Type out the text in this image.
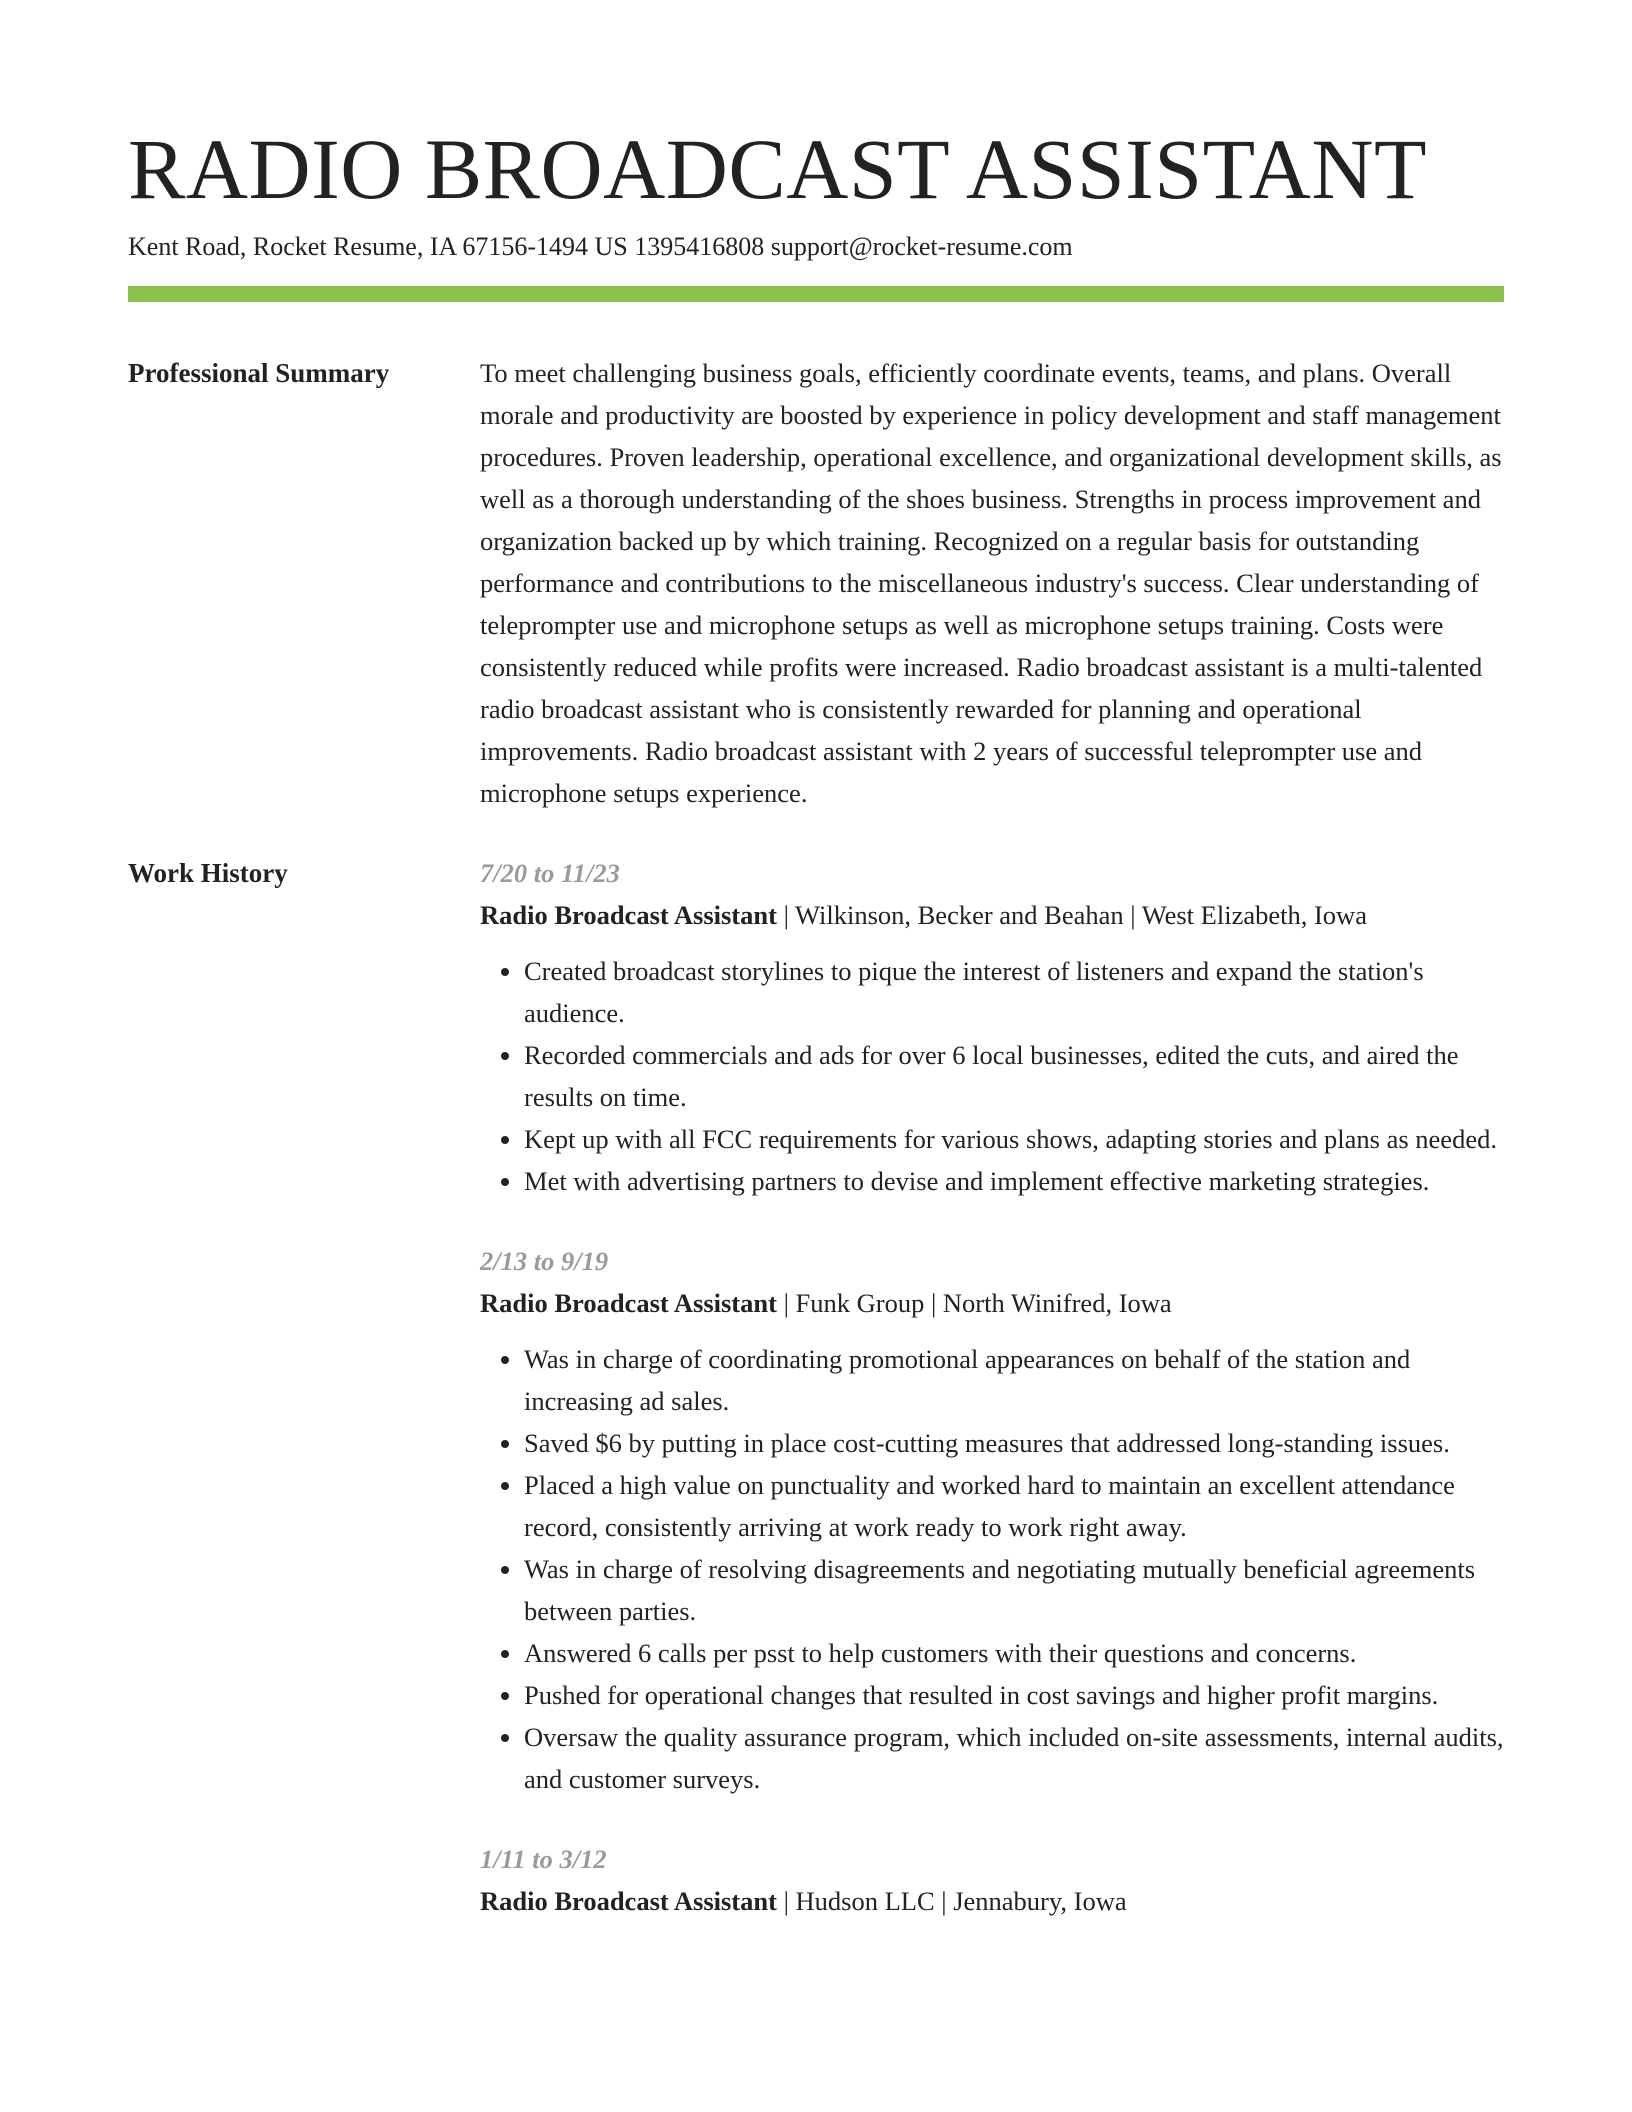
RADIO BROADCAST ASSISTANT
Kent Road, Rocket Resume, IA 67156-1494 US 1395416808 support@rocket-resume.com
Professional Summary	To meet challenging business goals, efficiently coordinate events, teams, and plans. Overall morale and productivity are boosted by experience in policy development and staff management procedures. Proven leadership, operational excellence, and organizational development skills, as well as a thorough understanding of the shoes business. Strengths in process improvement and organization backed up by which training. Recognized on a regular basis for outstanding performance and contributions to the miscellaneous industry's success. Clear understanding of teleprompter use and microphone setups as well as microphone setups training. Costs were consistently reduced while profits were increased. Radio broadcast assistant is a multi-talented radio broadcast assistant who is consistently rewarded for planning and operational improvements. Radio broadcast assistant with 2 years of successful teleprompter use and microphone setups experience.

Work History	7/20 to 11/23
Radio Broadcast Assistant | Wilkinson, Becker and Beahan | West Elizabeth, Iowa
• Created broadcast storylines to pique the interest of listeners and expand the station's audience.
• Recorded commercials and ads for over 6 local businesses, edited the cuts, and aired the results on time.
• Kept up with all FCC requirements for various shows, adapting stories and plans as needed.
• Met with advertising partners to devise and implement effective marketing strategies.
2/13 to 9/19
Radio Broadcast Assistant | Funk Group | North Winifred, Iowa
• Was in charge of coordinating promotional appearances on behalf of the station and increasing ad sales.
• Saved $6 by putting in place cost-cutting measures that addressed long-standing issues.
• Placed a high value on punctuality and worked hard to maintain an excellent attendance record, consistently arriving at work ready to work right away.
• Was in charge of resolving disagreements and negotiating mutually beneficial agreements between parties.
• Answered 6 calls per psst to help customers with their questions and concerns.
• Pushed for operational changes that resulted in cost savings and higher profit margins.
• Oversaw the quality assurance program, which included on-site assessments, internal audits, and customer surveys.
1/11 to 3/12
Radio Broadcast Assistant | Hudson LLC | Jennabury, Iowa
